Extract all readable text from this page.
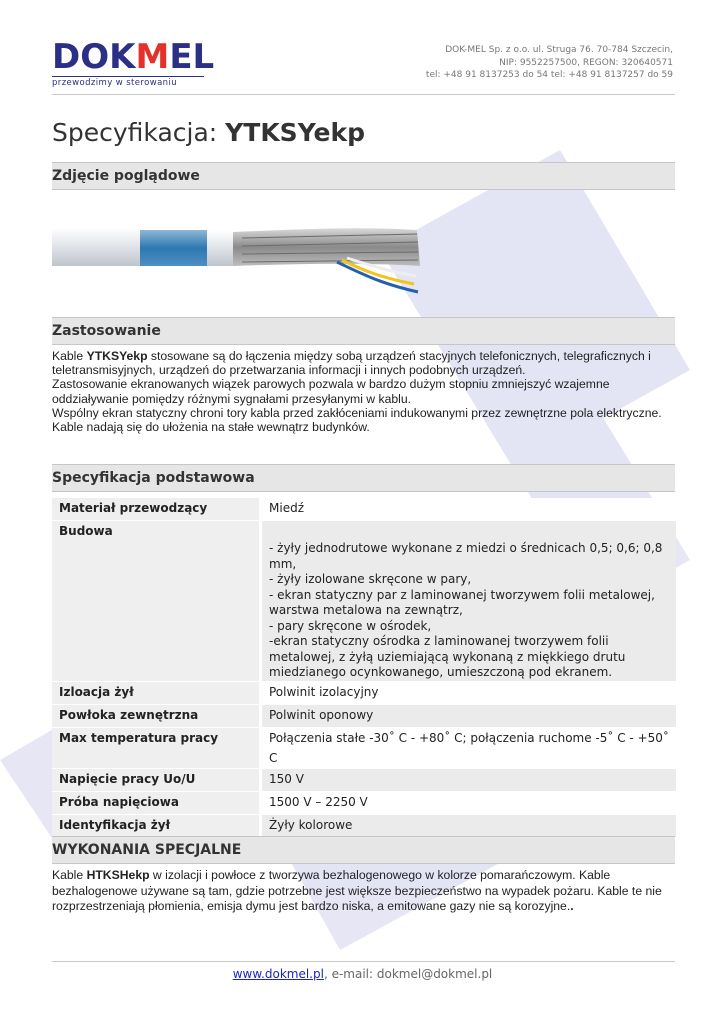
DOKMEL
przewodzimy w sterowaniu
DOK-MEL Sp. z o.o. ul. Struga 76. 70-784 Szczecin,
NIP: 9552257500, REGON: 320640571
tel: +48 91 8137253 do 54 tel: +48 91 8137257 do 59
Specyfikacja: YTKSYekp
Zdjęcie poglądowe
Zastosowanie

Kable YTKSYekp stosowane są do łączenia między sobą urządzeń stacyjnych telefonicznych, telegraficznych i teletransmisyjnych, urządzeń do przetwarzania informacji i innych podobnych urządzeń.

Zastosowanie ekranowanych wiązek parowych pozwala w bardzo dużym stopniu zmniejszyć wzajemne oddziaływanie pomiędzy różnymi sygnałami przesyłanymi w kablu.

Wspólny ekran statyczny chroni tory kabla przed zakłóceniami indukowanymi przez zewnętrzne pola elektryczne.

Kable nadają się do ułożenia na stałe wewnątrz budynków.

Specyfikacja podstawowa
Materiał przewodzący	Miedź
Budowa	- żyły jednodrutowe wykonane z miedzi o średnicach 0,5; 0,6; 0,8 mm,
- żyły izolowane skręcone w pary,
- ekran statyczny par z laminowanej tworzywem folii metalowej, warstwa metalowa na zewnątrz,
- pary skręcone w ośrodek,
-ekran statyczny ośrodka z laminowanej tworzywem folii metalowej, z żyłą uziemiającą wykonaną z miękkiego drutu miedzianego ocynkowanego, umieszczoną pod ekranem.

Izloacja żył	Polwinit izolacyjny
Powłoka zewnętrzna	Polwinit oponowy
Max temperatura pracy	Połączenia stałe -30˚ C - +80˚ C; połączenia ruchome -5˚ C - +50˚ C
Napięcie pracy Uo/U	150 V
Próba napięciowa	1500 V – 2250 V
Identyfikacja żył	Żyły kolorowe
WYKONANIA SPECJALNE

Kable HTKSHekp w izolacji i powłoce z tworzywa bezhalogenowego w kolorze pomarańczowym. Kable bezhalogenowe używane są tam, gdzie potrzebne jest większe bezpieczeństwo na wypadek pożaru. Kable te nie rozprzestrzeniają płomienia, emisja dymu jest bardzo niska, a emitowane gazy nie są korozyjne..

www.dokmel.pl, e-mail: dokmel@dokmel.pl
